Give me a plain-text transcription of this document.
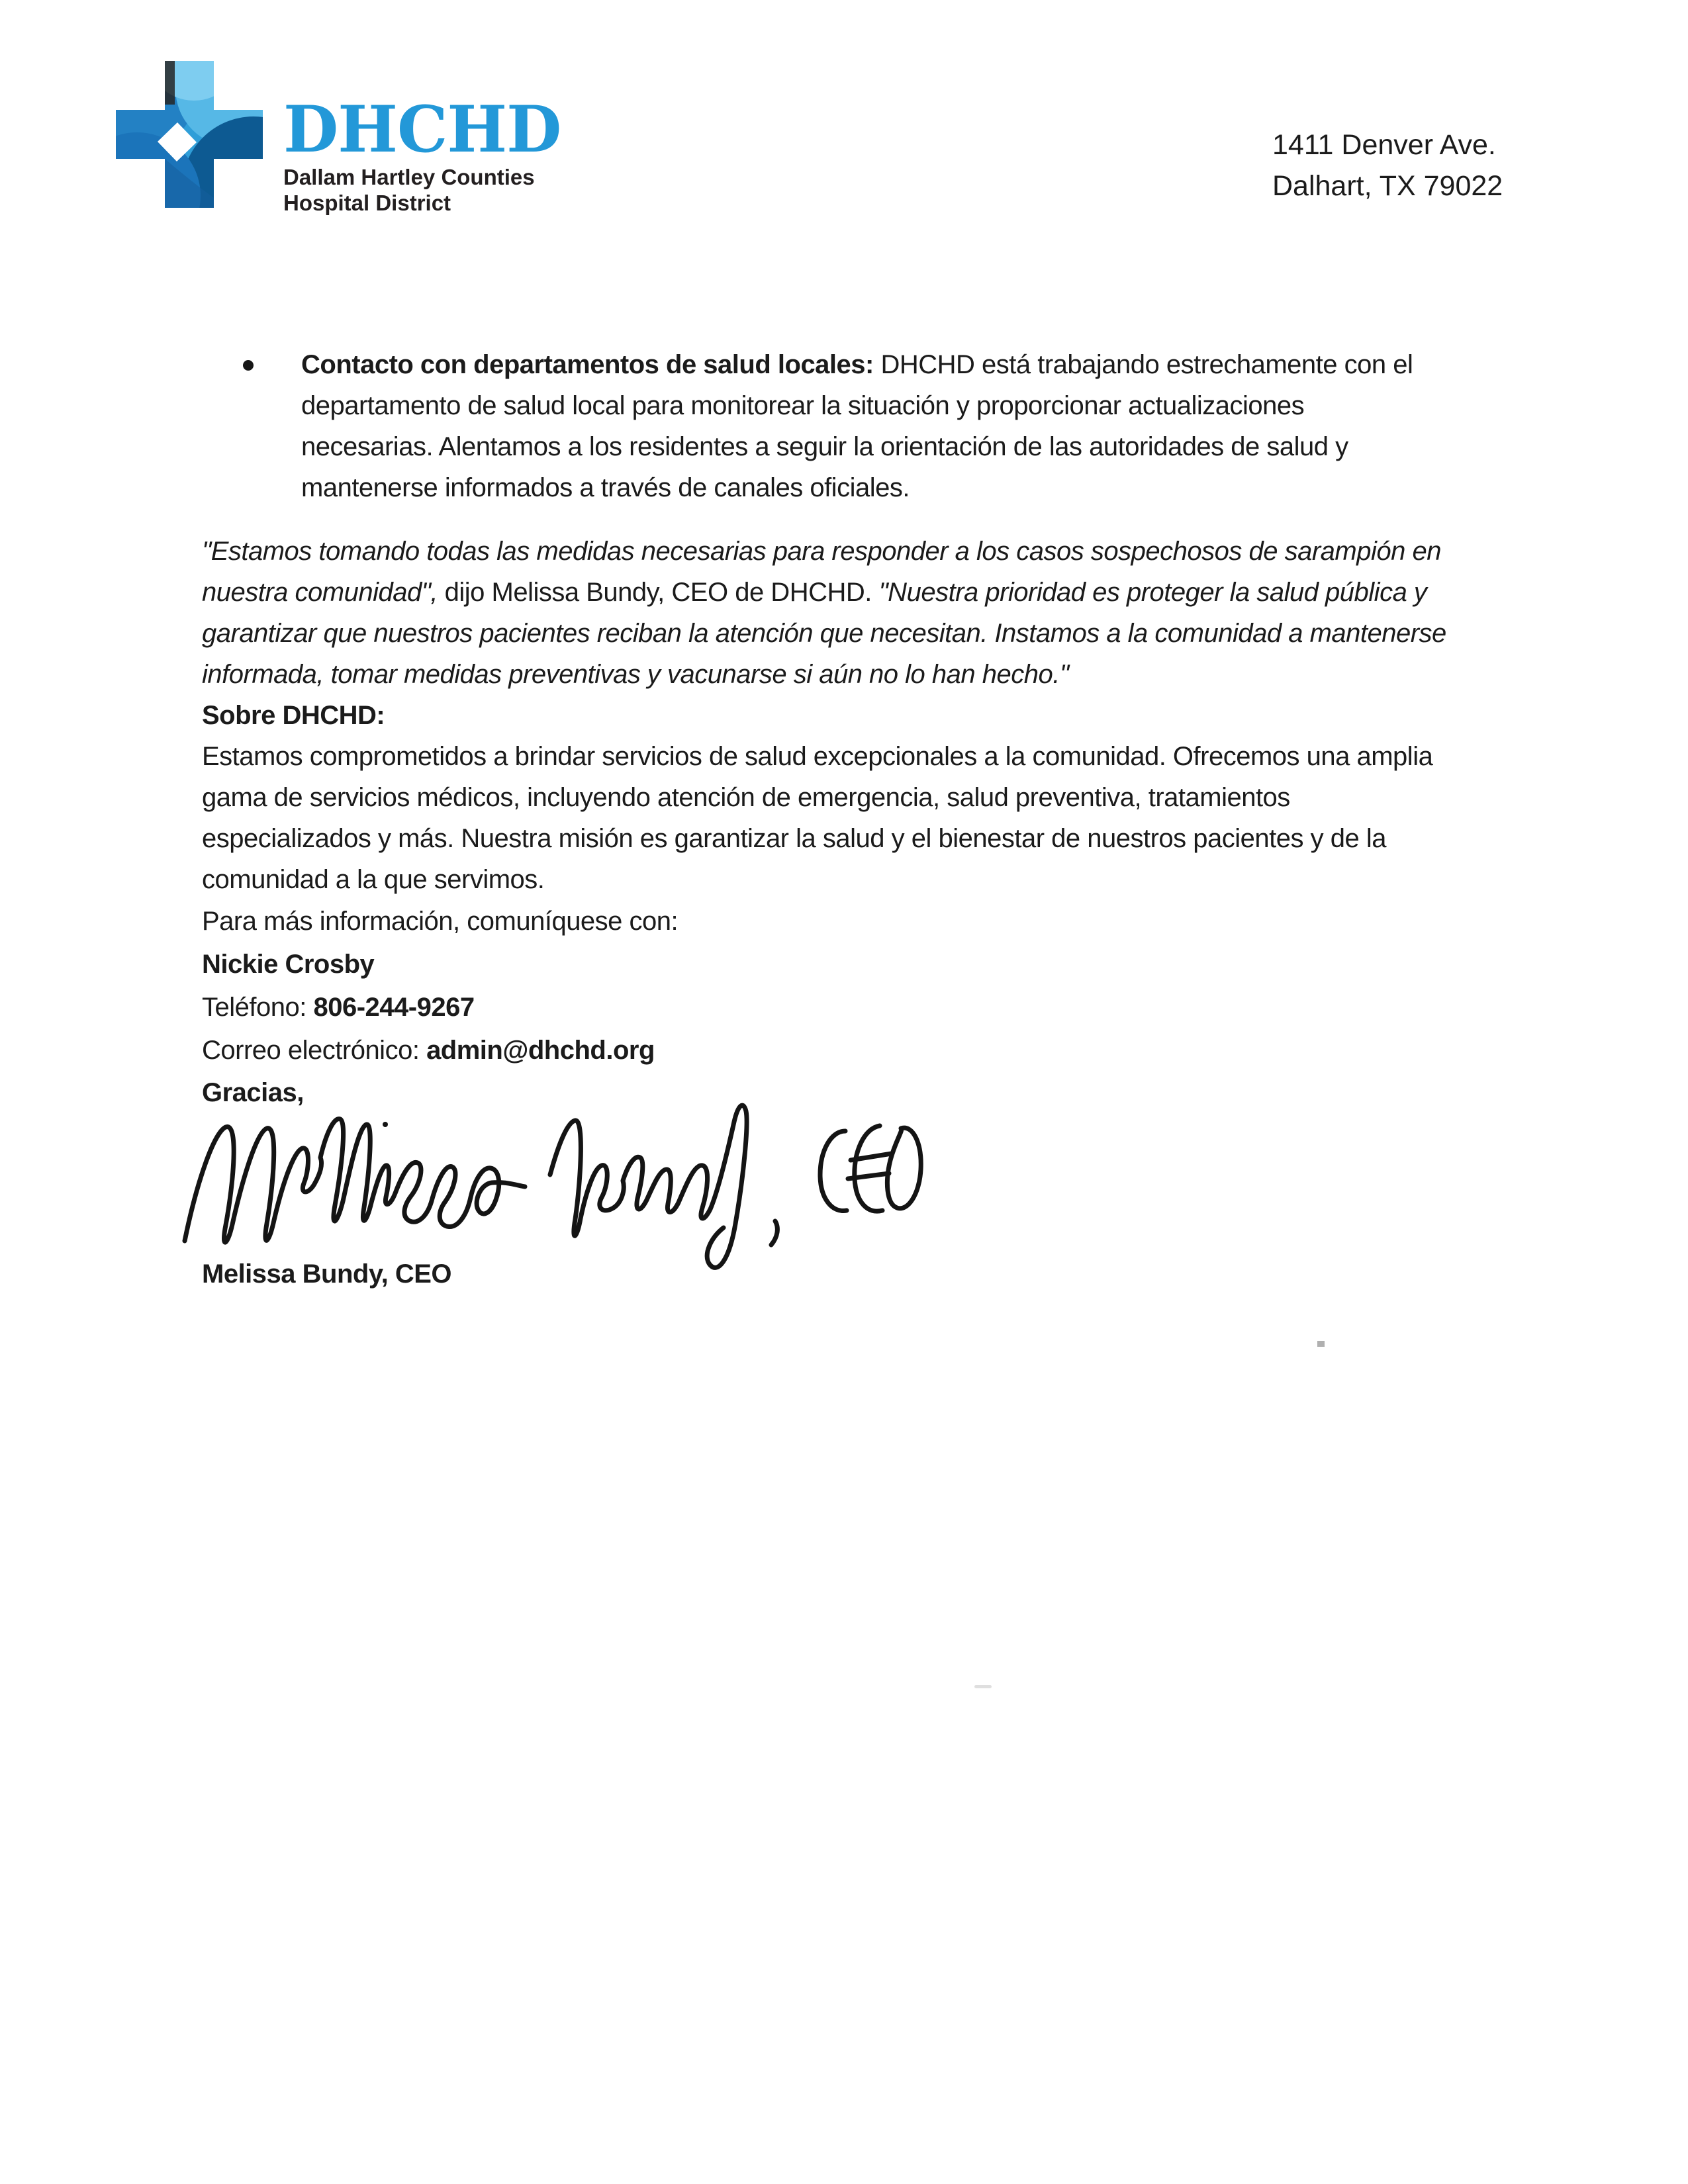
DHCHD
Dallam Hartley Counties
Hospital District
1411 Denver Ave.
Dalhart, TX 79022

Contacto con departamentos de salud locales: DHCHD está trabajando estrechamente con el departamento de salud local para monitorear la situación y proporcionar actualizaciones necesarias. Alentamos a los residentes a seguir la orientación de las autoridades de salud y mantenerse informados a través de canales oficiales.

"Estamos tomando todas las medidas necesarias para responder a los casos sospechosos de sarampión en nuestra comunidad", dijo Melissa Bundy, CEO de DHCHD. "Nuestra prioridad es proteger la salud pública y garantizar que nuestros pacientes reciban la atención que necesitan. Instamos a la comunidad a mantenerse informada, tomar medidas preventivas y vacunarse si aún no lo han hecho."

Sobre DHCHD:

Estamos comprometidos a brindar servicios de salud excepcionales a la comunidad. Ofrecemos una amplia gama de servicios médicos, incluyendo atención de emergencia, salud preventiva, tratamientos especializados y más. Nuestra misión es garantizar la salud y el bienestar de nuestros pacientes y de la comunidad a la que servimos.

Para más información, comuníquese con:
Nickie Crosby
Teléfono: 806-244-9267
Correo electrónico: admin@dhchd.org

Gracias,

Melissa Bundy, CEO
